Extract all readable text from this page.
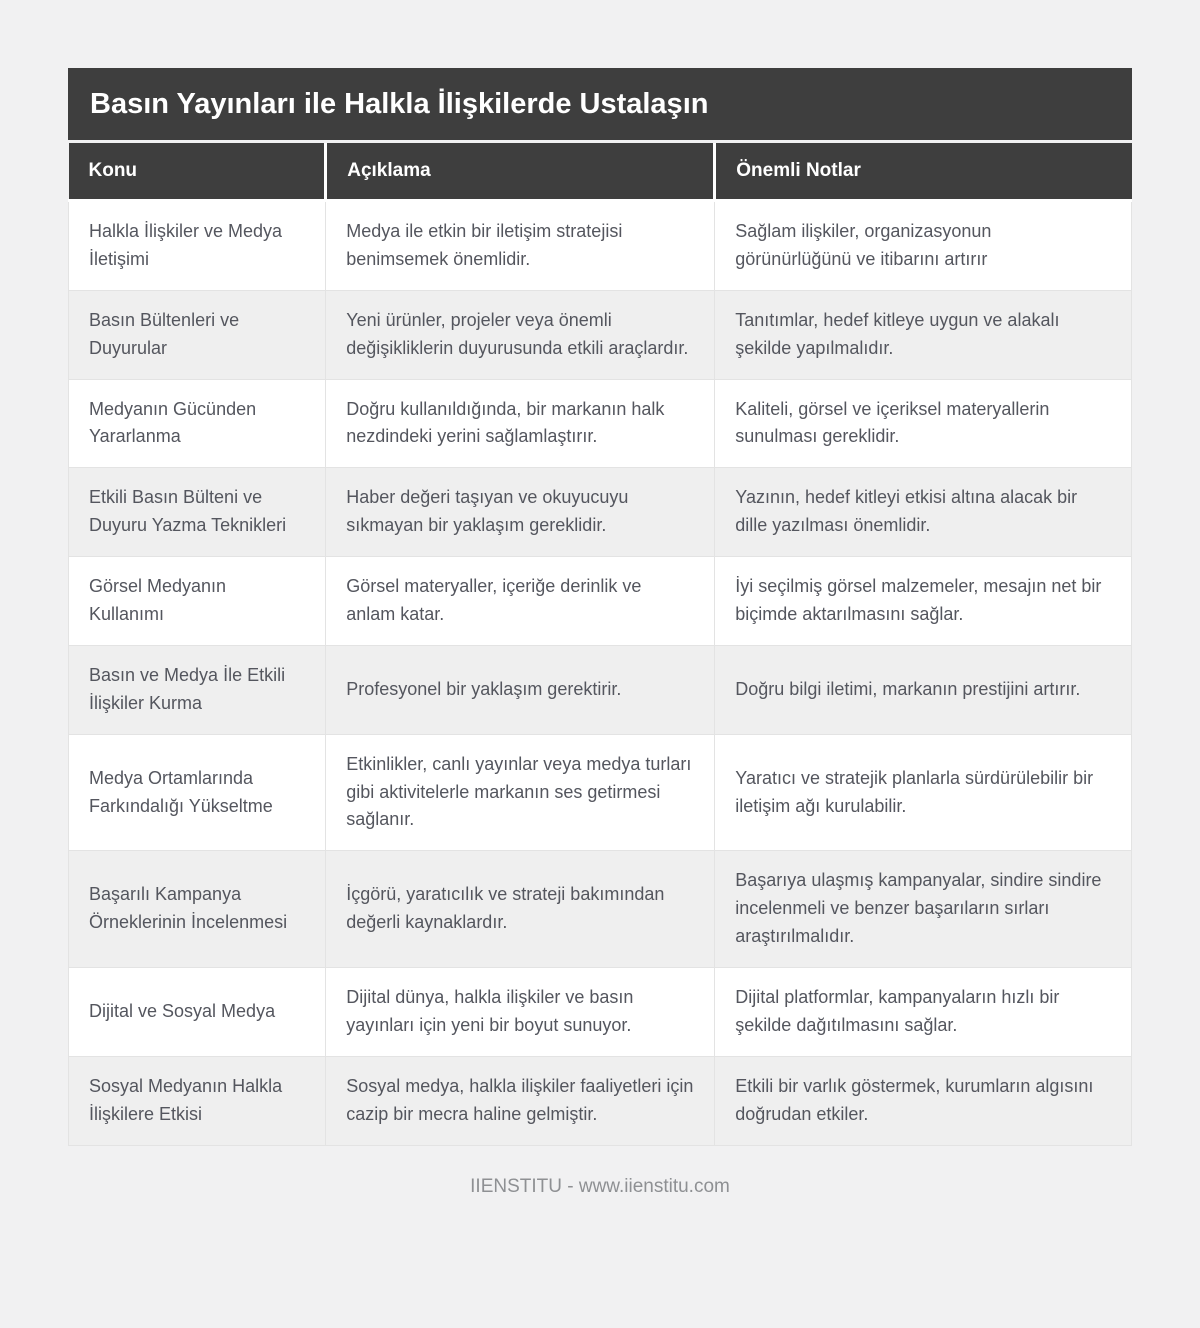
Basın Yayınları ile Halkla İlişkilerde Ustalaşın
Konu	Açıklama	Önemli Notlar
Halkla İlişkiler ve Medya İletişimi	Medya ile etkin bir iletişim stratejisi benimsemek önemlidir.	Sağlam ilişkiler, organizasyonun görünürlüğünü ve itibarını artırır
Basın Bültenleri ve Duyurular	Yeni ürünler, projeler veya önemli değişikliklerin duyurusunda etkili araçlardır.	Tanıtımlar, hedef kitleye uygun ve alakalı şekilde yapılmalıdır.
Medyanın Gücünden Yararlanma	Doğru kullanıldığında, bir markanın halk nezdindeki yerini sağlamlaştırır.	Kaliteli, görsel ve içeriksel materyallerin sunulması gereklidir.
Etkili Basın Bülteni ve Duyuru Yazma Teknikleri	Haber değeri taşıyan ve okuyucuyu sıkmayan bir yaklaşım gereklidir.	Yazının, hedef kitleyi etkisi altına alacak bir dille yazılması önemlidir.
Görsel Medyanın Kullanımı	Görsel materyaller, içeriğe derinlik ve anlam katar.	İyi seçilmiş görsel malzemeler, mesajın net bir biçimde aktarılmasını sağlar.
Basın ve Medya İle Etkili İlişkiler Kurma	Profesyonel bir yaklaşım gerektirir.	Doğru bilgi iletimi, markanın prestijini artırır.
Medya Ortamlarında Farkındalığı Yükseltme	Etkinlikler, canlı yayınlar veya medya turları gibi aktivitelerle markanın ses getirmesi sağlanır.	Yaratıcı ve stratejik planlarla sürdürülebilir bir iletişim ağı kurulabilir.
Başarılı Kampanya Örneklerinin İncelenmesi	İçgörü, yaratıcılık ve strateji bakımından değerli kaynaklardır.	Başarıya ulaşmış kampanyalar, sindire sindire incelenmeli ve benzer başarıların sırları araştırılmalıdır.
Dijital ve Sosyal Medya	Dijital dünya, halkla ilişkiler ve basın yayınları için yeni bir boyut sunuyor.	Dijital platformlar, kampanyaların hızlı bir şekilde dağıtılmasını sağlar.
Sosyal Medyanın Halkla İlişkilere Etkisi	Sosyal medya, halkla ilişkiler faaliyetleri için cazip bir mecra haline gelmiştir.	Etkili bir varlık göstermek, kurumların algısını doğrudan etkiler.
IIENSTITU - www.iienstitu.com
